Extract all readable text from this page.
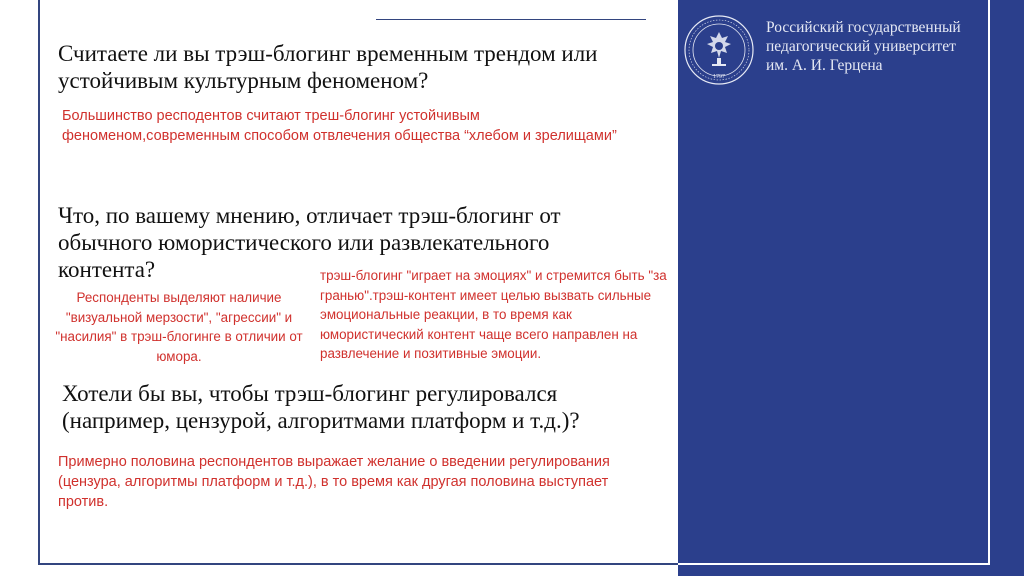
1797
Российский государственный
педагогический университет
им. А. И. Герцена

Считаете ли вы трэш-блогинг временным трендом или устойчивым культурным феноменом?

Большинство респодентов считают треш-блогинг устойчивым феноменом,современным способом отвлечения общества “хлебом и зрелищами”

Что, по вашему мнению, отличает трэш-блогинг от обычного юмористического или развлекательного контента?

Респонденты выделяют наличие "визуальной мерзости", "агрессии" и "насилия" в трэш-блогинге в отличии от юмора.

трэш-блогинг "играет на эмоциях" и стремится быть "за гранью".трэш-контент имеет целью вызвать сильные эмоциональные реакции, в то время как юмористический контент чаще всего направлен на развлечение и позитивные эмоции.

Хотели бы вы, чтобы трэш-блогинг регулировался (например, цензурой, алгоритмами платформ и т.д.)?

Примерно половина респондентов выражает желание о введении регулирования (цензура, алгоритмы платформ и т.д.), в то время как другая половина выступает против.
